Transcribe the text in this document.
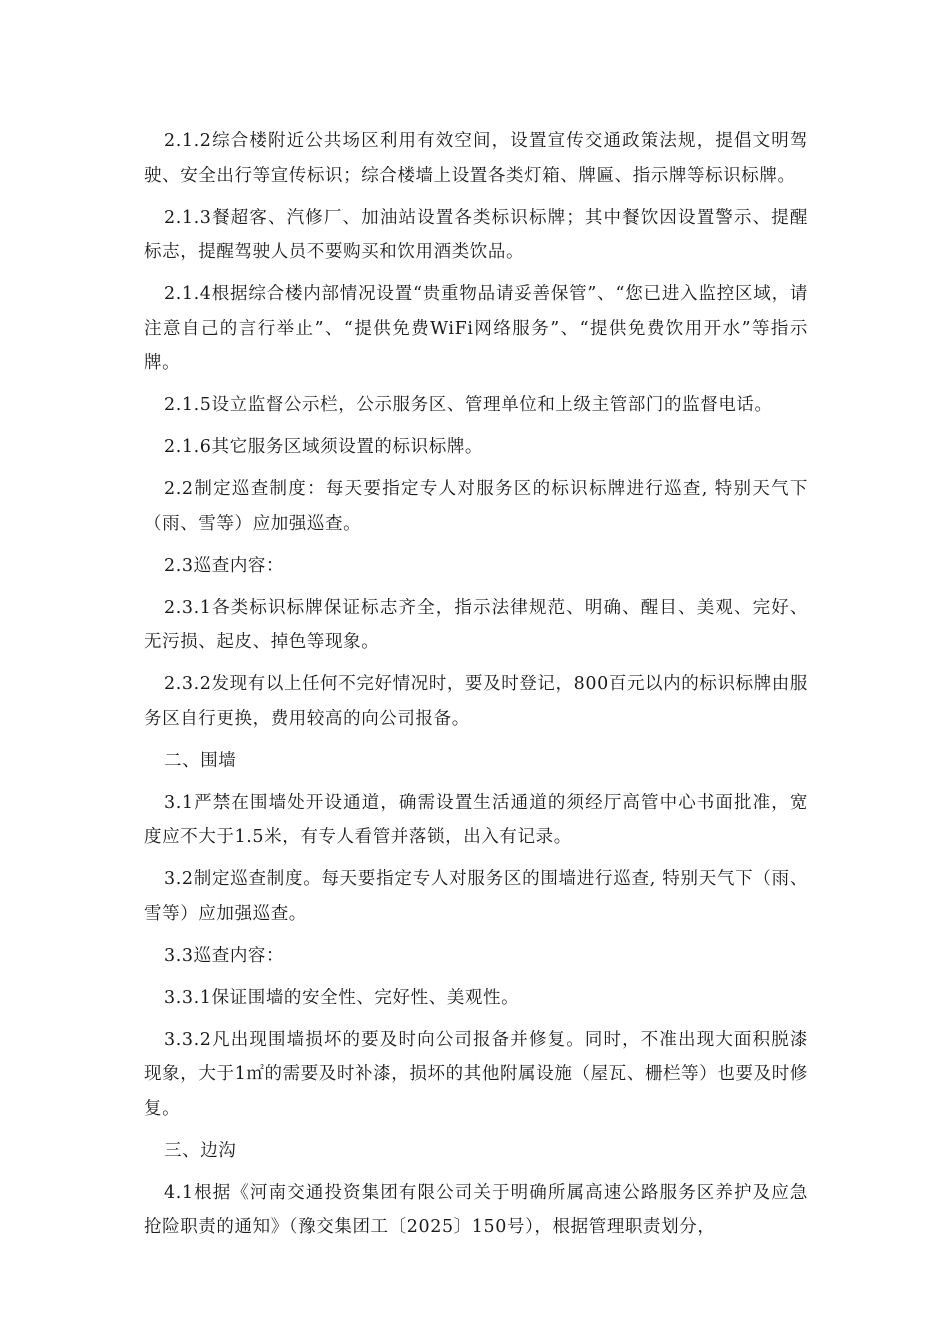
2.1.2综合楼附近公共场区利用有效空间，设置宣传交通政策法规，提倡文明驾驶、安全出行等宣传标识；综合楼墙上设置各类灯箱、牌匾、指示牌等标识标牌。

2.1.3餐超客、汽修厂、加油站设置各类标识标牌；其中餐饮因设置警示、提醒标志，提醒驾驶人员不要购买和饮用酒类饮品。

2.1.4根据综合楼内部情况设置“贵重物品请妥善保管”、“您已进入监控区域，请注意自己的言行举止”、“提供免费WiFi网络服务”、“提供免费饮用开水”等指示牌。

2.1.5设立监督公示栏，公示服务区、管理单位和上级主管部门的监督电话。

2.1.6其它服务区域须设置的标识标牌。

2.2制定巡查制度：每天要指定专人对服务区的标识标牌进行巡查, 特别天气下（雨、雪等）应加强巡查。

2.3巡查内容：

2.3.1各类标识标牌保证标志齐全，指示法律规范、明确、醒目、美观、完好、无污损、起皮、掉色等现象。

2.3.2发现有以上任何不完好情况时，要及时登记，800百元以内的标识标牌由服务区自行更换，费用较高的向公司报备。

二、围墙

3.1严禁在围墙处开设通道，确需设置生活通道的须经厅高管中心书面批准，宽度应不大于1.5米，有专人看管并落锁，出入有记录。

3.2制定巡查制度。每天要指定专人对服务区的围墙进行巡查, 特别天气下（雨、雪等）应加强巡查。

3.3巡查内容：

3.3.1保证围墙的安全性、完好性、美观性。

3.3.2凡出现围墙损坏的要及时向公司报备并修复。同时，不准出现大面积脱漆现象，大于1㎡的需要及时补漆，损坏的其他附属设施（屋瓦、栅栏等）也要及时修复。

三、边沟

4.1根据《河南交通投资集团有限公司关于明确所属高速公路服务区养护及应急抢险职责的通知》（豫交集团工〔2025〕150号），根据管理职责划分，
